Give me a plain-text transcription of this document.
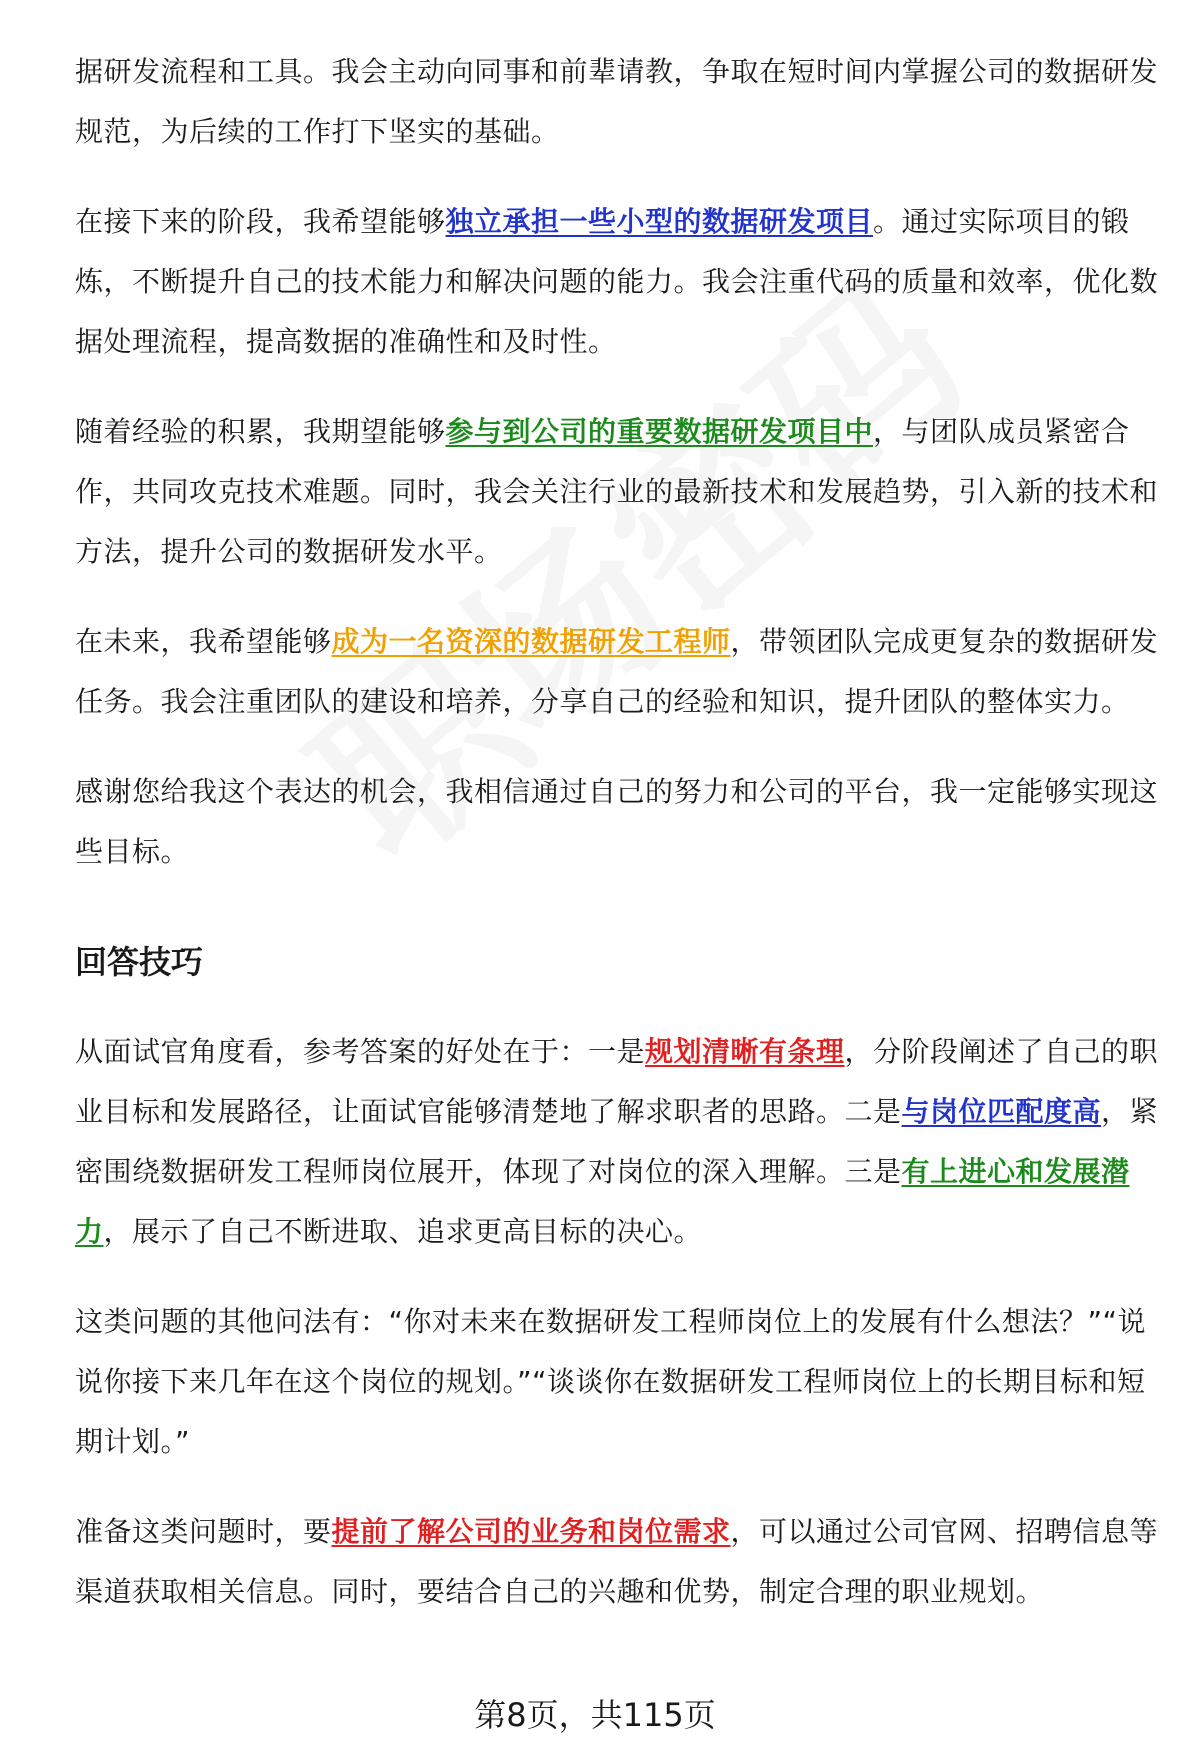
据研发流程和工具。我会主动向同事和前辈请教，争取在短时间内掌握公司的数据研发规范，为后续的工作打下坚实的基础。

在接下来的阶段，我希望能够独立承担一些小型的数据研发项目。通过实际项目的锻炼，不断提升自己的技术能力和解决问题的能力。我会注重代码的质量和效率，优化数据处理流程，提高数据的准确性和及时性。

随着经验的积累，我期望能够参与到公司的重要数据研发项目中，与团队成员紧密合作，共同攻克技术难题。同时，我会关注行业的最新技术和发展趋势，引入新的技术和方法，提升公司的数据研发水平。

在未来，我希望能够成为一名资深的数据研发工程师，带领团队完成更复杂的数据研发任务。我会注重团队的建设和培养，分享自己的经验和知识，提升团队的整体实力。

感谢您给我这个表达的机会，我相信通过自己的努力和公司的平台，我一定能够实现这些目标。

回答技巧

从面试官角度看，参考答案的好处在于：一是规划清晰有条理，分阶段阐述了自己的职业目标和发展路径，让面试官能够清楚地了解求职者的思路。二是与岗位匹配度高，紧密围绕数据研发工程师岗位展开，体现了对岗位的深入理解。三是有上进心和发展潜力，展示了自己不断进取、追求更高目标的决心。

这类问题的其他问法有：“你对未来在数据研发工程师岗位上的发展有什么想法？”“说说你接下来几年在这个岗位的规划。”“谈谈你在数据研发工程师岗位上的长期目标和短期计划。”

准备这类问题时，要提前了解公司的业务和岗位需求，可以通过公司官网、招聘信息等渠道获取相关信息。同时，要结合自己的兴趣和优势，制定合理的职业规划。

第8页，共115页
